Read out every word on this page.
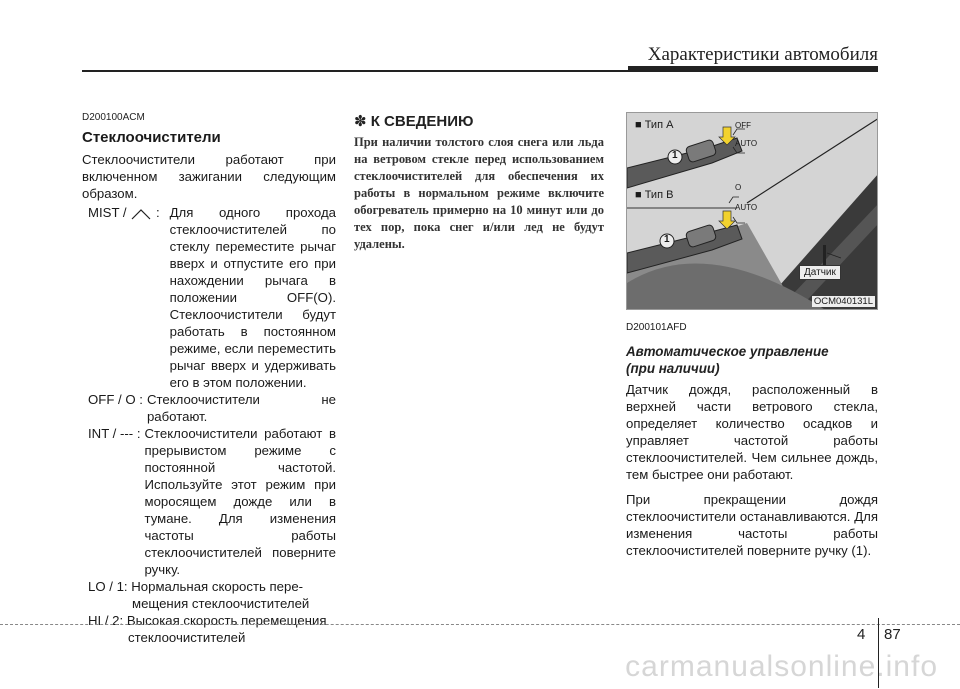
Характеристики автомобиля
D200100ACM
Стеклоочистители

Стеклоочистители работают при включенном зажигании следующим образом.

MIST / : Для одного прохода стеклоочистителей по стеклу переместите рычаг вверх и отпустите его при нахождении рычага в положении OFF(O). Стеклоочистители будут работать в постоянном режиме, если переместить рычаг вверх и удерживать его в этом положении.
OFF / O : Стеклоочистители не работают.
INT / --- : Стеклоочистители работают в прерывистом режиме с постоянной частотой. Используйте этот режим при моросящем дожде или в тумане. Для изменения частоты работы стеклоочистителей поверните ручку.
LO / 1: Нормальная скорость пере-
мещения стеклоочистителей
HI / 2: Высокая скорость перемещения
стеклоочистителей
✽ К СВЕДЕНИЮ

При наличии толстого слоя снега или льда на ветровом стекле перед использованием стеклоочистителей для обеспечения их работы в нормальном режиме включите обогреватель примерно на 10 минут или до тех пор, пока снег и/или лед не будут удалены.

■ Тип A
■ Тип B
OFF
AUTO
O
AUTO
1
1
Датчик
OCM040131L
D200101AFD
Автоматическое управление
(при наличии)

Датчик дождя, расположенный в верхней части ветрового стекла, определяет количество осадков и управляет частотой работы стеклоочистителей. Чем сильнее дождь, тем быстрее они работают.

При прекращении дождя стеклоочистители останавливаются. Для изменения частоты работы стеклоочистителей поверните ручку (1).

4 87
carmanualsonline.info
